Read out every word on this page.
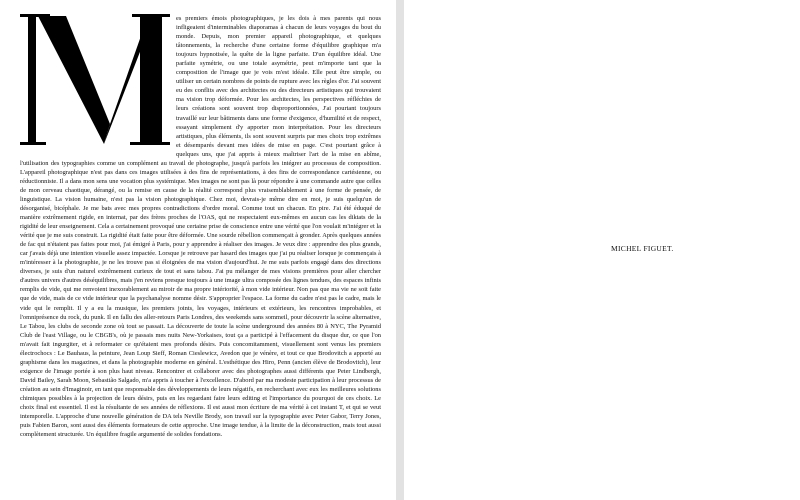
es premiers émois photographiques, je les dois à mes parents qui nous infligeaient d'interminables diaporamas à chacun de leurs voyages du bout du monde. Depuis, mon premier appareil photographique, et quelques tâtonnements, la recherche d'une certaine forme d'équilibre graphique m'a toujours hypnotisée, la quête de la ligne parfaite. D'un équilibre idéal. Une parfaite symétrie, ou une totale asymétrie, peut m'importe tant que la composition de l'image que je vois m'est idéale. Elle peut être simple, ou utiliser un certain nombres de points de rupture avec les règles d'or. J'ai souvent eu des conflits avec des architectes ou des directeurs artistiques qui trouvaient ma vision trop déformée. Pour les architectes, les perspectives réfléchies de leurs créations sont souvent trop disproportionnées, J'ai pourtant toujours travaillé sur leur bâtiments dans une forme d'exigence, d'humilité et de respect, essayant simplement d'y apporter mon interprétation. Pour les directeurs artistiques, plus éléments, ils sont souvent surpris par mes choix trop extrêmes et désemparés devant mes idées de mise en page. C'est pourtant grâce à quelques uns, que j'ai appris à mieux maîtriser l'art de la mise en abîme, l'utilisation des typographies comme un complément au travail de photographe, jusqu'à parfois les intégrer au processus de composition. L'appareil photographique n'est pas dans ces images utilisées à des fins de représentations, à des fins de correspondance cartésienne, ou réductionniste. Il a dans mon sens une vocation plus systémique. Mes images ne sont pas là pour répondre à une commande autre que celles de mon cerveau chaotique, dérangé, ou la remise en cause de la réalité correspond plus vraisemblablement à une forme de pensée, de linguistique. La vision humaine, n'est pas la vision photographique. Chez moi, devrais-je même dire en moi, je suis quelqu'un de désorganisé, bicéphale. Je me bats avec mes propres contradictions d'ordre moral. Comme tout un chacun. En pire. J'ai été éduqué de manière extrêmement rigide, en internat, par des frères proches de l'OAS, qui ne respectaient eux-mêmes en aucun cas les diktats de la rigidité de leur enseignement. Cela a certainement provoqué une certaine prise de conscience entre une vérité que l'on voulait m'intégrer et la vérité que je me suis construit. La rigidité était faite pour être déformée. Une sourde rébellion commençait à gronder. Après quelques années de fac qui n'étaient pas faites pour moi, j'ai émigré à Paris, pour y apprendre à réaliser des images. Je veux dire : apprendre des plus grands, car j'avais déjà une intention visuelle assez impactée. Lorsque je retrouve par hasard des images que j'ai pu réaliser lorsque je commençais à m'intéresser à la photographie, je ne les trouve pas si éloignées de ma vision d'aujourd'hui. Je me suis parfois engagé dans des directions diverses, je suis d'un naturel extrêmement curieux de tout et sans tabou. J'ai pu mélanger de mes visions premières pour aller chercher d'autres univers d'autres déséquilibres, mais j'en reviens presque toujours à une image ultra composée des lignes tendues, des espaces infinis remplis de vide, qui me renvoient inexorablement au miroir de ma propre intériorité, à mon vide intérieur. Non pas que ma vie ne soit faite que de vide, mais de ce vide intérieur que la psychanalyse nomme désir. S'approprier l'espace. La forme du cadre n'est pas le cadre, mais le vide qui le remplit. Il y a eu la musique, les premiers joints, les voyages, intérieurs et extérieurs, les rencontres improbables, et l'omniprésence du rock, du punk. Il en fallu des aller-retours Paris Londres, des weekends sans sommeil, pour découvrir la scène alternative, Le Tabou, les clubs de seconde zone où tout se passait. La découverte de toute la scène underground des années 80 à NYC, The Pyramid Club de l'east Village, ou le CBGB's, où je passais mes nuits New-Yorkaises, tout ça a participé à l'effacement du disque dur, ce que l'on m'avait fait ingurgiter, et à reformater ce qu'étaient mes profonds désirs. Puis concomitamment, visuellement sont venus les premiers électrochocs : Le Bauhaus, la peinture, Jean Loup Sieff, Roman Cieslewicz, Avedon que je vénère, et tout ce que Brodovitch a apporté au graphisme dans les magazines, et dans la photographie moderne en général. L'esthétique des Hiro, Penn (ancien élève de Brodovitch), leur exigence de l'image portée à son plus haut niveau. Rencontrer et collaborer avec des photographes aussi différents que Peter Lindbergh, David Bailey, Sarah Moon, Sebastião Salgado, m'a appris à toucher à l'excellence. D'abord par ma modeste participation à leur processus de création au sein d'Imaginoir, en tant que responsable des développements de leurs négatifs, en recherchant avec eux les meilleures solutions chimiques possibles à la projection de leurs désirs, puis en les regardant faire leurs editing et l'importance du pourquoi de ces choix. Le choix final est essentiel. Il est la résultante de ses années de réflexions. Il est aussi mon écriture de ma vérité à cet instant T, et qui se veut intemporelle. L'approche d'une nouvelle génération de DA tels Neville Brody, son travail sur la typographie avec Peter Gabor, Terry Jones, puis Fabien Baron, sont aussi des éléments formateurs de cette approche. Une image tendue, à la limite de la déconstruction, mais tout aussi complètement structurée. Un équilibre fragile argumenté de solides fondations.

MICHEL FIGUET.
